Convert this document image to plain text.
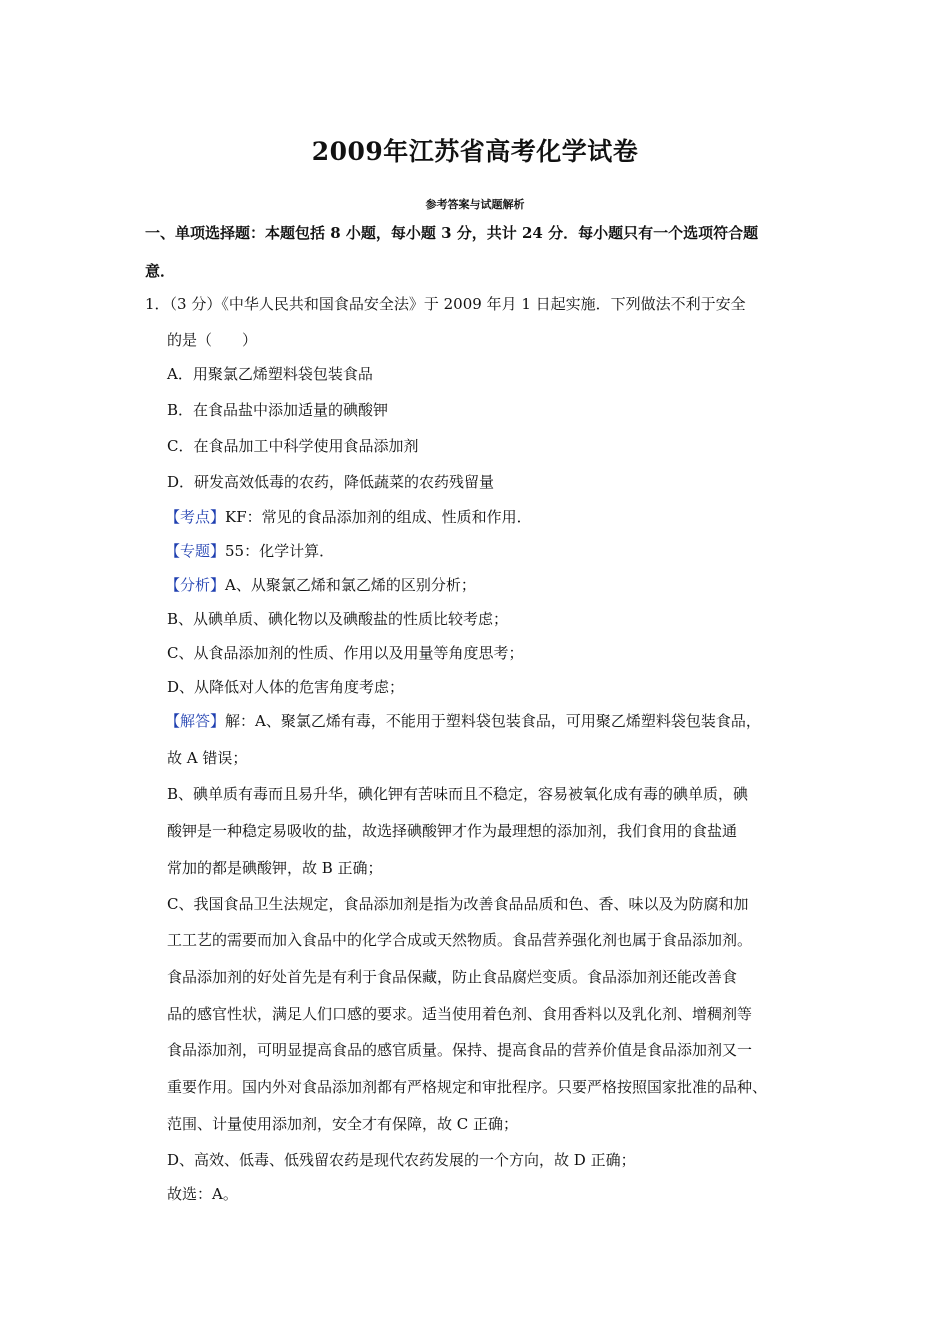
2009年江苏省高考化学试卷
参考答案与试题解析
一、单项选择题：本题包括 8 小题，每小题 3 分，共计 24 分．每小题只有一个选项符合题
意．
1．（3 分）《中华人民共和国食品安全法》于 2009 年月 1 日起实施．下列做法不利于安全
的是（　　）
A．用聚氯乙烯塑料袋包装食品
B．在食品盐中添加适量的碘酸钾
C．在食品加工中科学使用食品添加剂
D．研发高效低毒的农药，降低蔬菜的农药残留量
【考点】KF：常见的食品添加剂的组成、性质和作用．
【专题】55：化学计算．
【分析】A、从聚氯乙烯和氯乙烯的区别分析；
B、从碘单质、碘化物以及碘酸盐的性质比较考虑；
C、从食品添加剂的性质、作用以及用量等角度思考；
D、从降低对人体的危害角度考虑；
【解答】解：A、聚氯乙烯有毒，不能用于塑料袋包装食品，可用聚乙烯塑料袋包装食品，
故 A 错误；
B、碘单质有毒而且易升华，碘化钾有苦味而且不稳定，容易被氧化成有毒的碘单质，碘
酸钾是一种稳定易吸收的盐，故选择碘酸钾才作为最理想的添加剂，我们食用的食盐通
常加的都是碘酸钾，故 B 正确；
C、我国食品卫生法规定，食品添加剂是指为改善食品品质和色、香、味以及为防腐和加
工工艺的需要而加入食品中的化学合成或天然物质。食品营养强化剂也属于食品添加剂。
食品添加剂的好处首先是有利于食品保藏，防止食品腐烂变质。食品添加剂还能改善食
品的感官性状，满足人们口感的要求。适当使用着色剂、食用香料以及乳化剂、增稠剂等
食品添加剂，可明显提高食品的感官质量。保持、提高食品的营养价值是食品添加剂又一
重要作用。国内外对食品添加剂都有严格规定和审批程序。只要严格按照国家批准的品种、
范围、计量使用添加剂，安全才有保障，故 C 正确；
D、高效、低毒、低残留农药是现代农药发展的一个方向，故 D 正确；
故选：A。
